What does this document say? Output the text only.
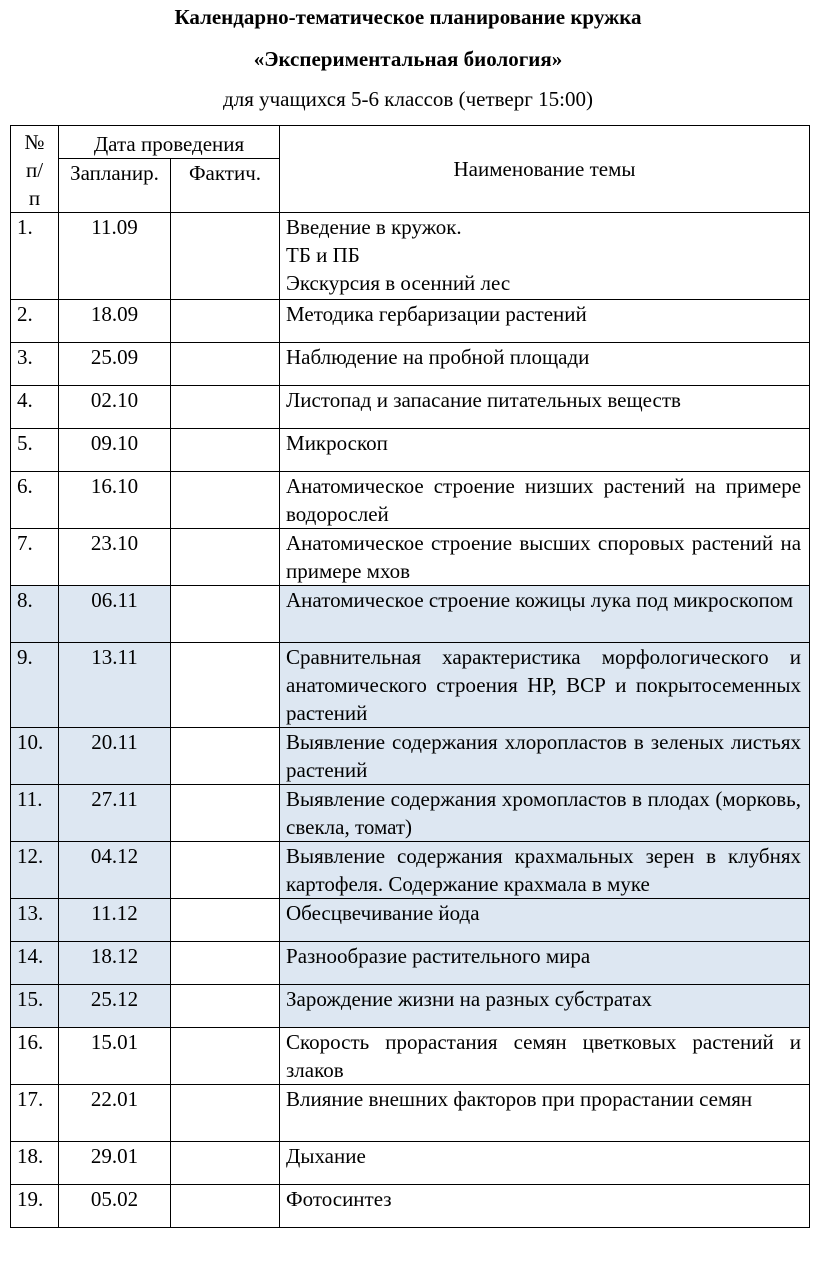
Календарно-тематическое планирование кружка
«Экспериментальная биология»
для учащихся 5-6 классов (четверг 15:00)
№
п/
п	Дата проведения		Наименование темы
	Запланир.	Фактич.	
1.	11.09		Введение в кружок.
ТБ и ПБ
Экскурсия в осенний лес

2.	18.09		Методика гербаризации растений
3.	25.09		Наблюдение на пробной площади
4.	02.10		Листопад и запасание питательных веществ
5.	09.10		Микроскоп
6.	16.10		Анатомическое строение низших растений на примере водорослей
7.	23.10		Анатомическое строение высших споровых растений на примере мхов
8.	06.11		Анатомическое строение кожицы лука под микроскопом
9.	13.11		Сравнительная характеристика морфологического и анатомического строения НР, ВСР и покрытосеменных растений
10.	20.11		Выявление содержания хлоропластов в зеленых листьях растений
11.	27.11		Выявление содержания хромопластов в плодах (морковь, свекла, томат)
12.	04.12		Выявление содержания крахмальных зерен в клубнях картофеля. Содержание крахмала в муке
13.	11.12		Обесцвечивание йода
14.	18.12		Разнообразие растительного мира
15.	25.12		Зарождение жизни на разных субстратах
16.	15.01		Скорость прорастания семян цветковых растений и злаков
17.	22.01		Влияние внешних факторов при прорастании семян
18.	29.01		Дыхание
19.	05.02		Фотосинтез
